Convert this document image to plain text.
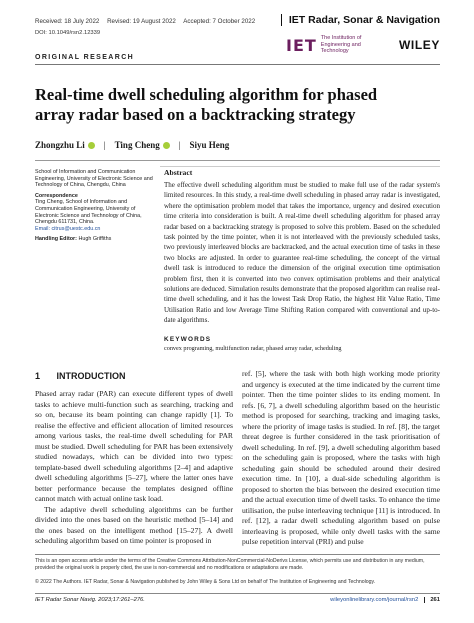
Received: 18 July 2022 Revised: 19 August 2022 Accepted: 7 October 2022	IET Radar, Sonar & Navigation
DOI: 10.1049/rsn2.12339
IET The Institution of Engineering and Technology	WILEY
ORIGINAL RESEARCH
Real-time dwell scheduling algorithm for phased array radar based on a backtracking strategy
Zhongzhu Li | Ting Cheng | Siyu Heng

School of Information and Communication Engineering, University of Electronic Science and Technology of China, Chengdu, China

Correspondence
Ting Cheng, School of Information and Communication Engineering, University of Electronic Science and Technology of China, Chengdu 611731, China.
Email: citrus@uestc.edu.cn

Handling Editor: Hugh Griffiths

Abstract
The effective dwell scheduling algorithm must be studied to make full use of the radar system's limited resources. In this study, a real-time dwell scheduling in phased array radar is investigated, where the optimisation problem model that takes the importance, urgency and desired execution time criteria into consideration is built. A real-time dwell scheduling algorithm for phased array radar based on a backtracking strategy is proposed to solve this problem. Based on the scheduled task pointed by the time pointer, when it is not interleaved with the previously scheduled tasks, two previously interleaved blocks are backtracked, and the actual execution time of tasks in these two blocks are adjusted. In order to guarantee real-time scheduling, the concept of the virtual dwell task is introduced to reduce the dimension of the original execution time optimisation problem first, then it is converted into two convex optimisation problems and their analytical solutions are deduced. Simulation results demonstrate that the proposed algorithm can realise real-time dwell scheduling, and it has the lowest Task Drop Ratio, the highest Hit Value Ratio, Time Utilisation Ratio and low Average Time Shifting Ration compared with conventional and up-to-date algorithms.
KEYWORDS
convex programing, multifunction radar, phased array radar, scheduling
1 INTRODUCTION

Phased array radar (PAR) can execute different types of dwell tasks to achieve multi-function such as searching, tracking and so on, because its beam pointing can change rapidly [1]. To realise the effective and efficient allocation of limited resources among various tasks, the real-time dwell scheduling for PAR must be studied. Dwell scheduling for PAR has been extensively studied nowadays, which can be divided into two types: template-based dwell scheduling algorithms [2–4] and adaptive dwell scheduling algorithms [5–27], where the latter ones have better performance because the templates designed offline cannot match with actual online task load.

The adaptive dwell scheduling algorithms can be further divided into the ones based on the heuristic method [5–14] and the ones based on the intelligent method [15–27]. A dwell scheduling algorithm based on time pointer is proposed in

ref. [5], where the task with both high working mode priority and urgency is executed at the time indicated by the current time pointer. Then the time pointer slides to its ending moment. In refs. [6, 7], a dwell scheduling algorithm based on the heuristic method is proposed for searching, tracking and imaging tasks, where the priority of image tasks is studied. In ref. [8], the target threat degree is further considered in the task prioritisation of dwell scheduling. In ref. [9], a dwell scheduling algorithm based on the scheduling gain is proposed, where the tasks with high scheduling gain should be scheduled around their desired execution time. In [10], a dual-side scheduling algorithm is proposed to shorten the bias between the desired execution time and the actual execution time of dwell tasks. To enhance the time utilisation, the pulse interleaving technique [11] is introduced. In ref. [12], a radar dwell scheduling algorithm based on pulse interleaving is proposed, while only dwell tasks with the same pulse repetition interval (PRI) and pulse

This is an open access article under the terms of the Creative Commons Attribution-NonCommercial-NoDerivs License, which permits use and distribution in any medium, provided the original work is properly cited, the use is non-commercial and no modifications or adaptations are made.
© 2022 The Authors. IET Radar, Sonar & Navigation published by John Wiley & Sons Ltd on behalf of The Institution of Engineering and Technology.
IET Radar Sonar Navig. 2023;17:261–276.	wileyonlinelibrary.com/journal/rsn2 261
